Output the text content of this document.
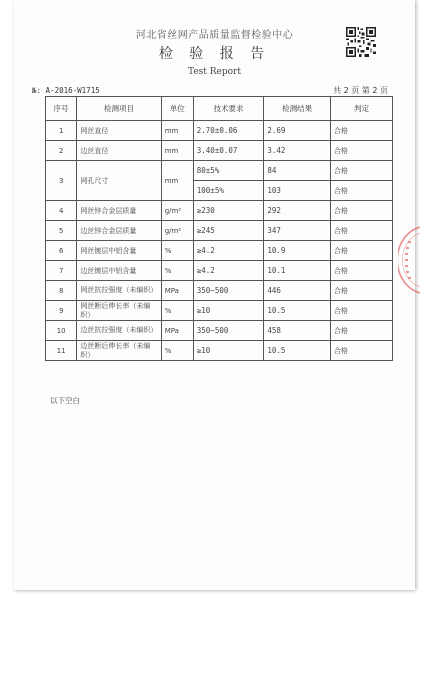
河北省丝网产品质量监督检验中心
检 验 报 告
Test Report
№: A-2016-W1715	共 2 页 第 2 页
序号	检测项目	单位	技术要求	检测结果	判定
1	网丝直径	mm	2.70±0.06	2.69	合格
2	边丝直径	mm	3.40±0.07	3.42	合格
3	网孔尺寸	mm	80±5%	84	合格
			100±5%	103	合格
4	网丝锌合金层质量	g/m²	≥230	292	合格
5	边丝锌合金层质量	g/m²	≥245	347	合格
6	网丝镀层中铝含量	%	≥4.2	10.9	合格
7	边丝镀层中铝含量	%	≥4.2	10.1	合格
8	网丝抗拉强度（未编织）	MPa	350~500	446	合格
9	网丝断后伸长率（未编织）	%	≥10	10.5	合格
10	边丝抗拉强度（未编织）	MPa	350~500	458	合格
11	边丝断后伸长率（未编织）	%	≥10	10.5	合格
以下空白
